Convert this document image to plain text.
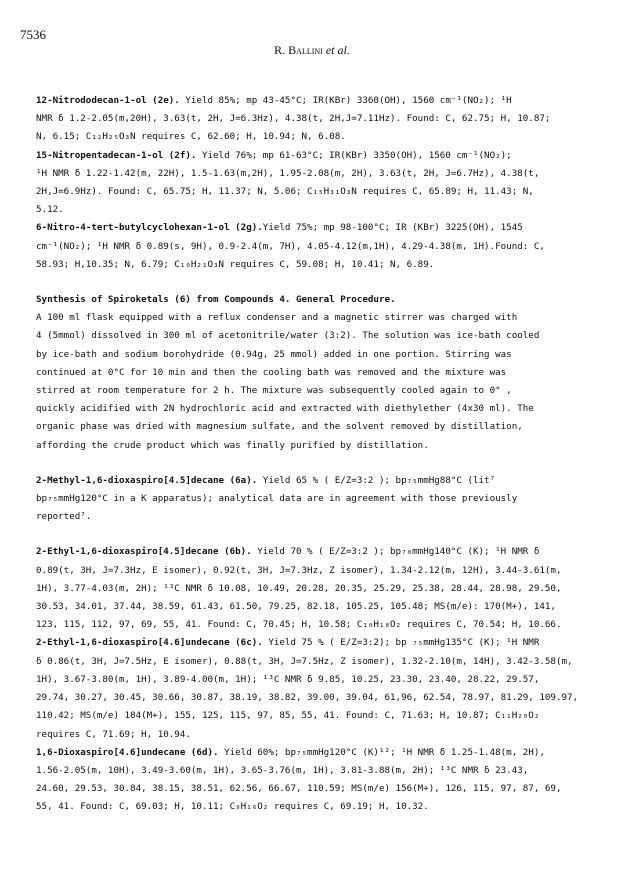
7536
R. Ballini et al.
12-Nitrododecan-1-ol (2e). Yield 85%; mp 43-45°C; IR(KBr) 3360(OH), 1560 cm⁻¹(NO₂); ¹H
NMR δ 1.2-2.05(m,20H), 3.63(t, 2H, J=6.3Hz), 4.38(t, 2H,J=7.11Hz). Found: C, 62.75; H, 10.87;
N, 6.15; C₁₂H₂₅O₃N requires C, 62.60; H, 10.94; N, 6.08.
15-Nitropentadecan-1-ol (2f). Yield 76%; mp 61-63°C; IR(KBr) 3350(OH), 1560 cm⁻¹(NO₂);
¹H NMR δ 1.22-1.42(m, 22H), 1.5-1.63(m,2H), 1.95-2.08(m, 2H), 3.63(t, 2H, J=6.7Hz), 4.38(t,
2H,J=6.9Hz). Found: C, 65.75; H, 11.37; N, 5.06; C₁₅H₃₁O₃N requires C, 65.89; H, 11.43; N,
5.12.
6-Nitro-4-tert-butylcyclohexan-1-ol (2g).Yield 75%; mp 98-100°C; IR (KBr) 3225(OH), 1545
cm⁻¹(NO₂); ¹H NMR δ 0.89(s, 9H), 0.9-2.4(m, 7H), 4.05-4.12(m,1H), 4.29-4.38(m, 1H).Found: C,
58.93; H,10.35; N, 6.79; C₁₀H₂₁O₃N requires C, 59.08; H, 10.41; N, 6.89.
Synthesis of Spiroketals (6) from Compounds 4. General Procedure.
A 100 ml flask equipped with a reflux condenser and a magnetic stirrer was charged with
4 (5mmol) dissolved in 300 ml of acetonitrile/water (3:2). The solution was ice-bath cooled
by ice-bath and sodium borohydride (0.94g, 25 mmol) added in one portion. Stirring was
continued at 0°C for 10 min and then the cooling bath was removed and the mixture was
stirred at room temperature for 2 h. The mixture was subsequently cooled again to 0° ,
quickly acidified with 2N hydrochloric acid and extracted with diethylether (4x30 ml). The
organic phase was dried with magnesium sulfate, and the solvent removed by distillation,
affording the crude product which was finally purified by distillation.
2-Methyl-1,6-dioxaspiro[4.5]decane (6a). Yield 65 % ( E/Z=3:2 ); bp₇₅mmHg88°C (lit⁷
bp₇₅mmHg120°C in a K apparatus); analytical data are in agreement with those previously
reported⁷.
2-Ethyl-1,6-dioxaspiro[4.5]decane (6b). Yield 70 % ( E/Z=3:2 ); bp₇₀mmHg140°C (K); ¹H NMR δ
0.89(t, 3H, J=7.3Hz, E isomer), 0.92(t, 3H, J=7.3Hz, Z isomer), 1.34-2.12(m, 12H), 3.44-3.61(m,
1H), 3.77-4.03(m, 2H); ¹³C NMR δ 10.08, 10.49, 20.28, 20.35, 25.29, 25.38, 28.44, 28.98, 29.50,
30.53, 34.01, 37.44, 38.59, 61.43, 61.50, 79.25, 82.18, 105.25, 105.48; MS(m/e): 170(M+), 141,
123, 115, 112, 97, 69, 55, 41. Found: C, 70.45; H, 10.58; C₁₀H₁₈O₂ requires C, 70.54; H, 10.66.
2-Ethyl-1,6-dioxaspiro[4.6]undecane (6c). Yield 75 % ( E/Z=3:2); bp ₇₅mmHg135°C (K); ¹H NMR
δ 0.86(t, 3H, J=7.5Hz, E isomer), 0.88(t, 3H, J=7.5Hz, Z isomer), 1.32-2.10(m, 14H), 3.42-3.58(m,
1H), 3.67-3.80(m, 1H), 3.89-4.00(m, 1H); ¹³C NMR δ 9.85, 10.25, 23.30, 23.40, 28.22, 29.57,
29.74, 30.27, 30.45, 30.66, 30.87, 38.19, 38.82, 39.00, 39.04, 61,96, 62.54, 78.97, 81.29, 109.97,
110.42; MS(m/e) 184(M+), 155, 125, 115, 97, 85, 55, 41. Found: C, 71.63; H, 10.87; C₁₁H₂₀O₂
requires C, 71.69; H, 10.94.
1,6-Dioxaspiro[4.6]undecane (6d). Yield 60%; bp₇₅mmHg120°C (K)¹²; ¹H NMR δ 1.25-1.48(m, 2H),
1.56-2.05(m, 10H), 3.49-3.60(m, 1H), 3.65-3.76(m, 1H), 3.81-3.88(m, 2H); ¹³C NMR δ 23.43,
24.60, 29.53, 30.84, 38.15, 38.51, 62.56, 66.67, 110.59; MS(m/e) 156(M+), 126, 115, 97, 87, 69,
55, 41. Found: C, 69.03; H, 10.11; C₉H₁₆O₂ requires C, 69.19; H, 10.32.
